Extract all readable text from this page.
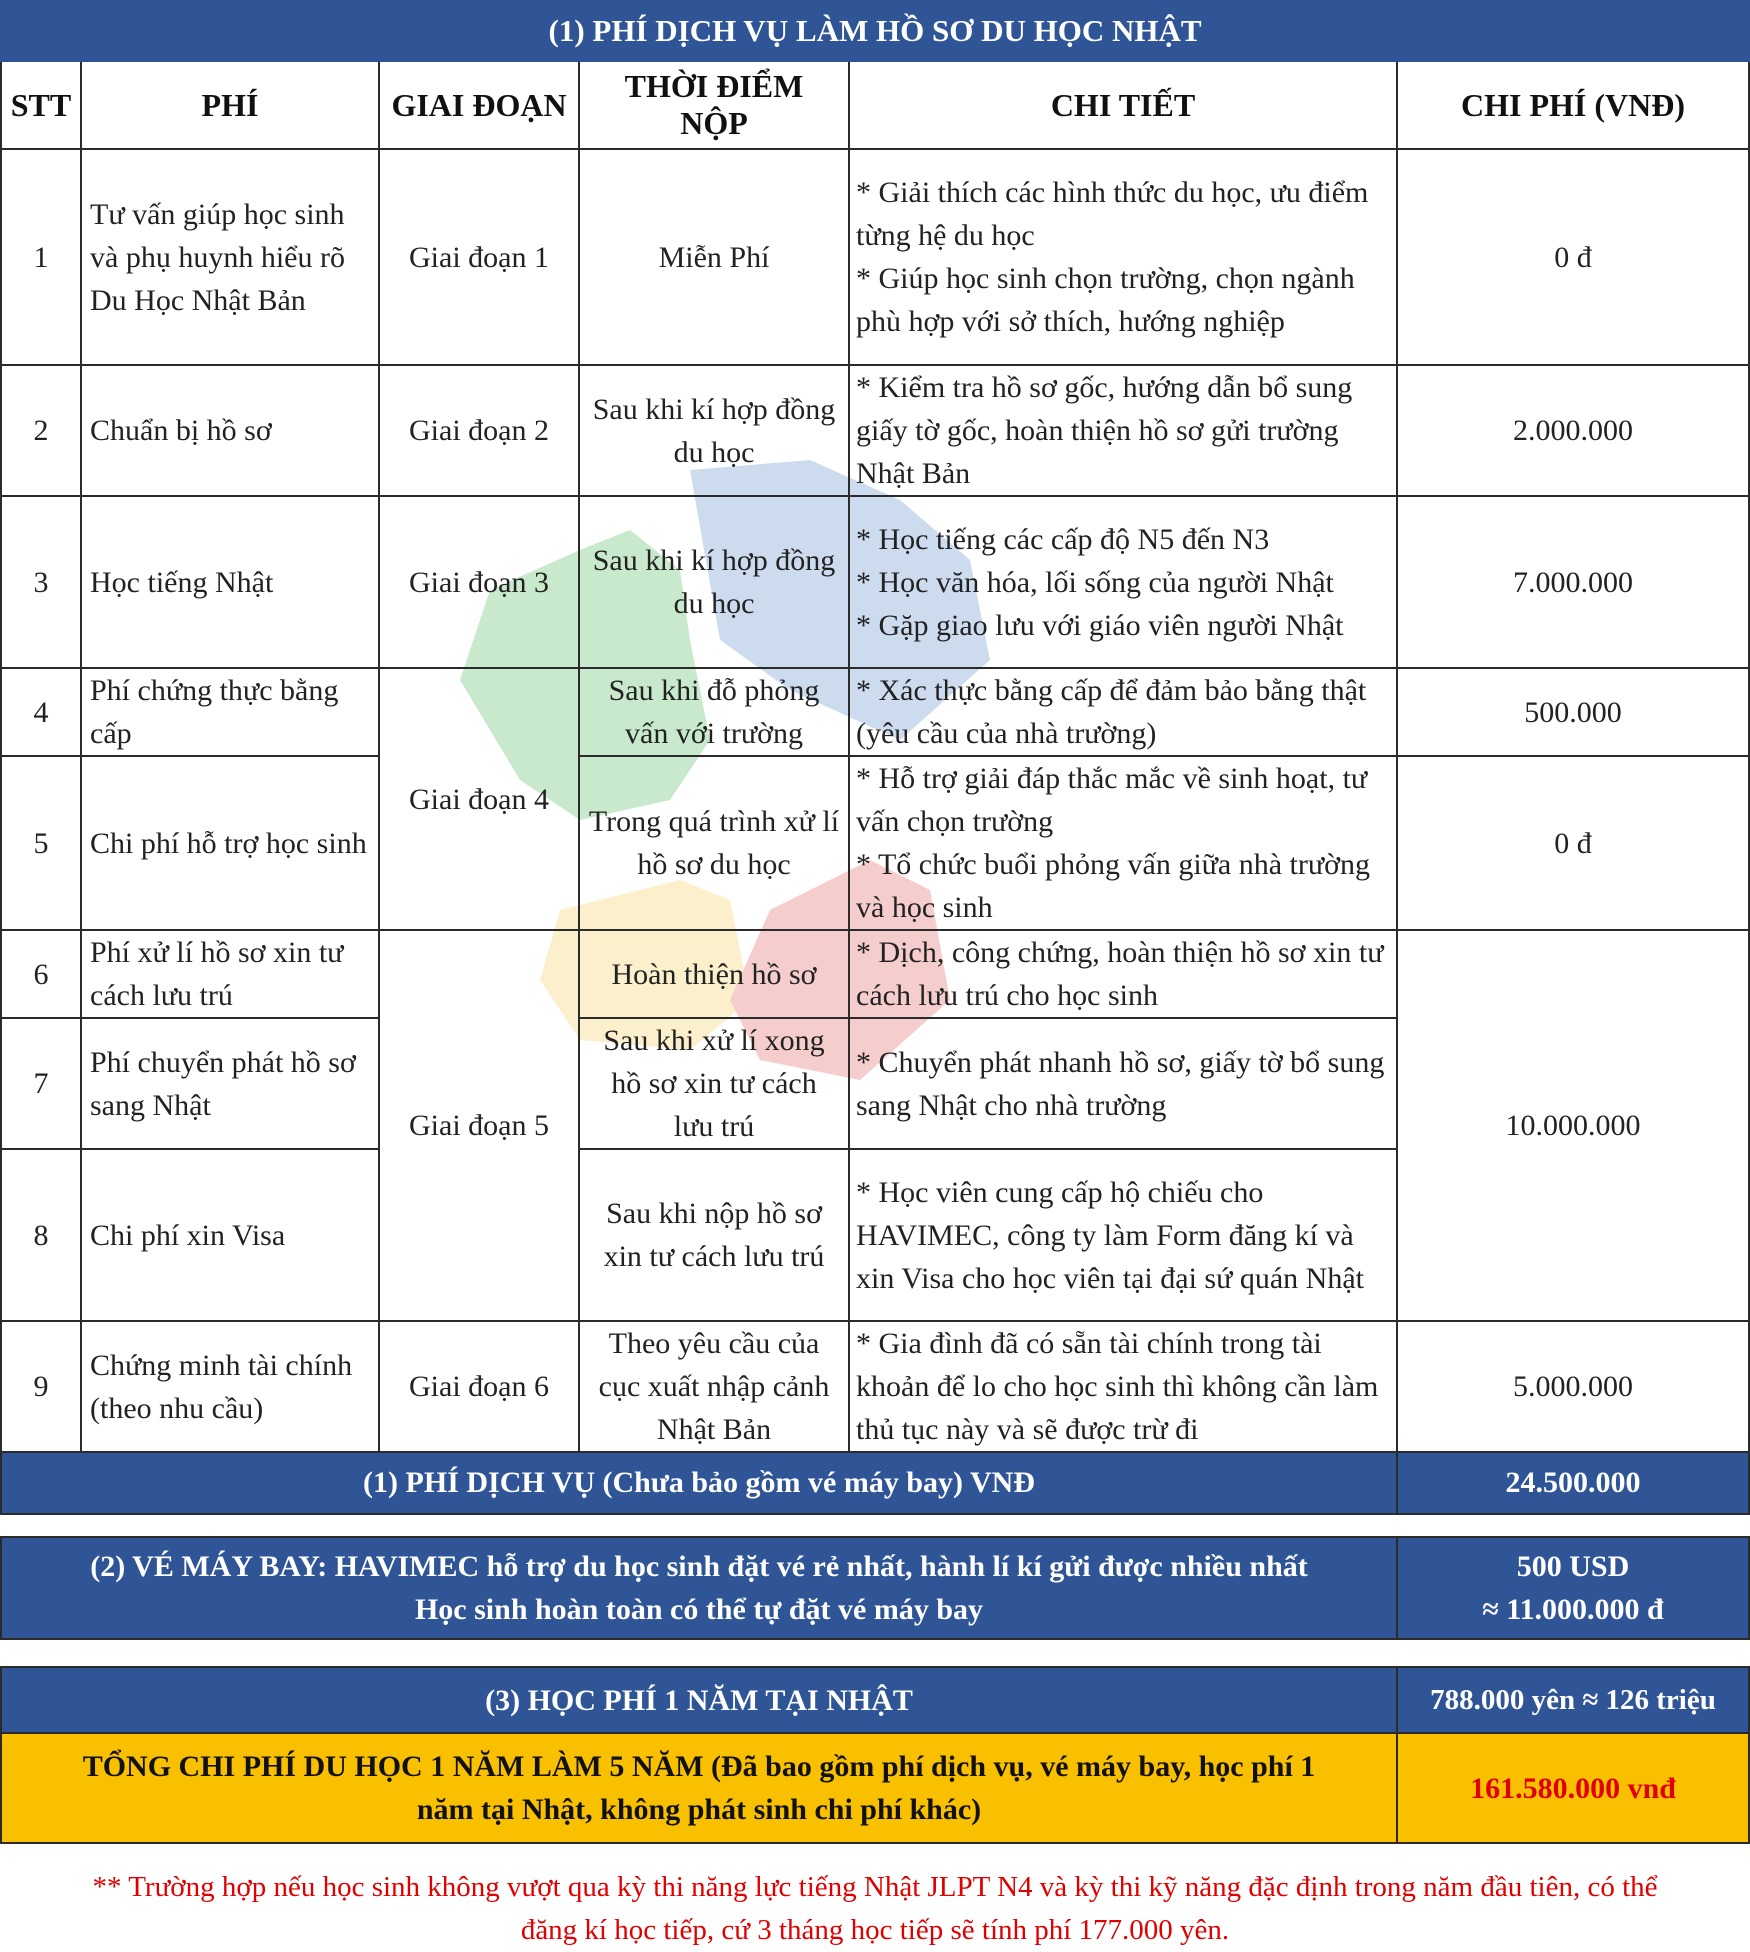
(1) PHÍ DỊCH VỤ LÀM HỒ SƠ DU HỌC NHẬT					
STT	PHÍ	GIAI ĐOẠN	THỜI ĐIỂM NỘP	CHI TIẾT	CHI PHÍ (VNĐ)
1	Tư vấn giúp học sinh và phụ huynh hiểu rõ Du Học Nhật Bản	Giai đoạn 1	Miễn Phí	* Giải thích các hình thức du học, ưu điểm từng hệ du học
* Giúp học sinh chọn trường, chọn ngành phù hợp với sở thích, hướng nghiệp	0 đ
2	Chuẩn bị hồ sơ	Giai đoạn 2	Sau khi kí hợp đồng du học	* Kiểm tra hồ sơ gốc, hướng dẫn bổ sung giấy tờ gốc, hoàn thiện hồ sơ gửi trường Nhật Bản	2.000.000
3	Học tiếng Nhật	Giai đoạn 3	Sau khi kí hợp đồng du học	* Học tiếng các cấp độ N5 đến N3
* Học văn hóa, lối sống của người Nhật
* Gặp giao lưu với giáo viên người Nhật	7.000.000
4	Phí chứng thực bằng cấp	Giai đoạn 4	Sau khi đỗ phỏng vấn với trường	* Xác thực bằng cấp để đảm bảo bằng thật (yêu cầu của nhà trường)	500.000
5	Chi phí hỗ trợ học sinh		Trong quá trình xử lí hồ sơ du học	* Hỗ trợ giải đáp thắc mắc về sinh hoạt, tư vấn chọn trường
* Tổ chức buổi phỏng vấn giữa nhà trường và học sinh	0 đ
6	Phí xử lí hồ sơ xin tư cách lưu trú	Giai đoạn 5	Hoàn thiện hồ sơ	* Dịch, công chứng, hoàn thiện hồ sơ xin tư cách lưu trú cho học sinh	10.000.000
7	Phí chuyển phát hồ sơ sang Nhật		Sau khi xử lí xong hồ sơ xin tư cách lưu trú	* Chuyển phát nhanh hồ sơ, giấy tờ bổ sung sang Nhật cho nhà trường	
8	Chi phí xin Visa		Sau khi nộp hồ sơ xin tư cách lưu trú	* Học viên cung cấp hộ chiếu cho HAVIMEC, công ty làm Form đăng kí và xin Visa cho học viên tại đại sứ quán Nhật	
9	Chứng minh tài chính (theo nhu cầu)	Giai đoạn 6	Theo yêu cầu của cục xuất nhập cảnh Nhật Bản	* Gia đình đã có sẵn tài chính trong tài khoản để lo cho học sinh thì không cần làm thủ tục này và sẽ được trừ đi	5.000.000
(1) PHÍ DỊCH VỤ (Chưa bảo gồm vé máy bay) VNĐ					24.500.000
(2) VÉ MÁY BAY: HAVIMEC hỗ trợ du học sinh đặt vé rẻ nhất, hành lí kí gửi được nhiều nhất
Học sinh hoàn toàn có thể tự đặt vé máy bay

500 USD
≈ 11.000.000 đ
(3) HỌC PHÍ 1 NĂM TẠI NHẬT	788.000 yên ≈ 126 triệu

TỔNG CHI PHÍ DU HỌC 1 NĂM LÀM 5 NĂM (Đã bao gồm phí dịch vụ, vé máy bay, học phí 1
năm tại Nhật, không phát sinh chi phí khác)	161.580.000 vnđ
** Trường hợp nếu học sinh không vượt qua kỳ thi năng lực tiếng Nhật JLPT N4 và kỳ thi kỹ năng đặc định trong năm đầu tiên, có thể
đăng kí học tiếp, cứ 3 tháng học tiếp sẽ tính phí 177.000 yên.
